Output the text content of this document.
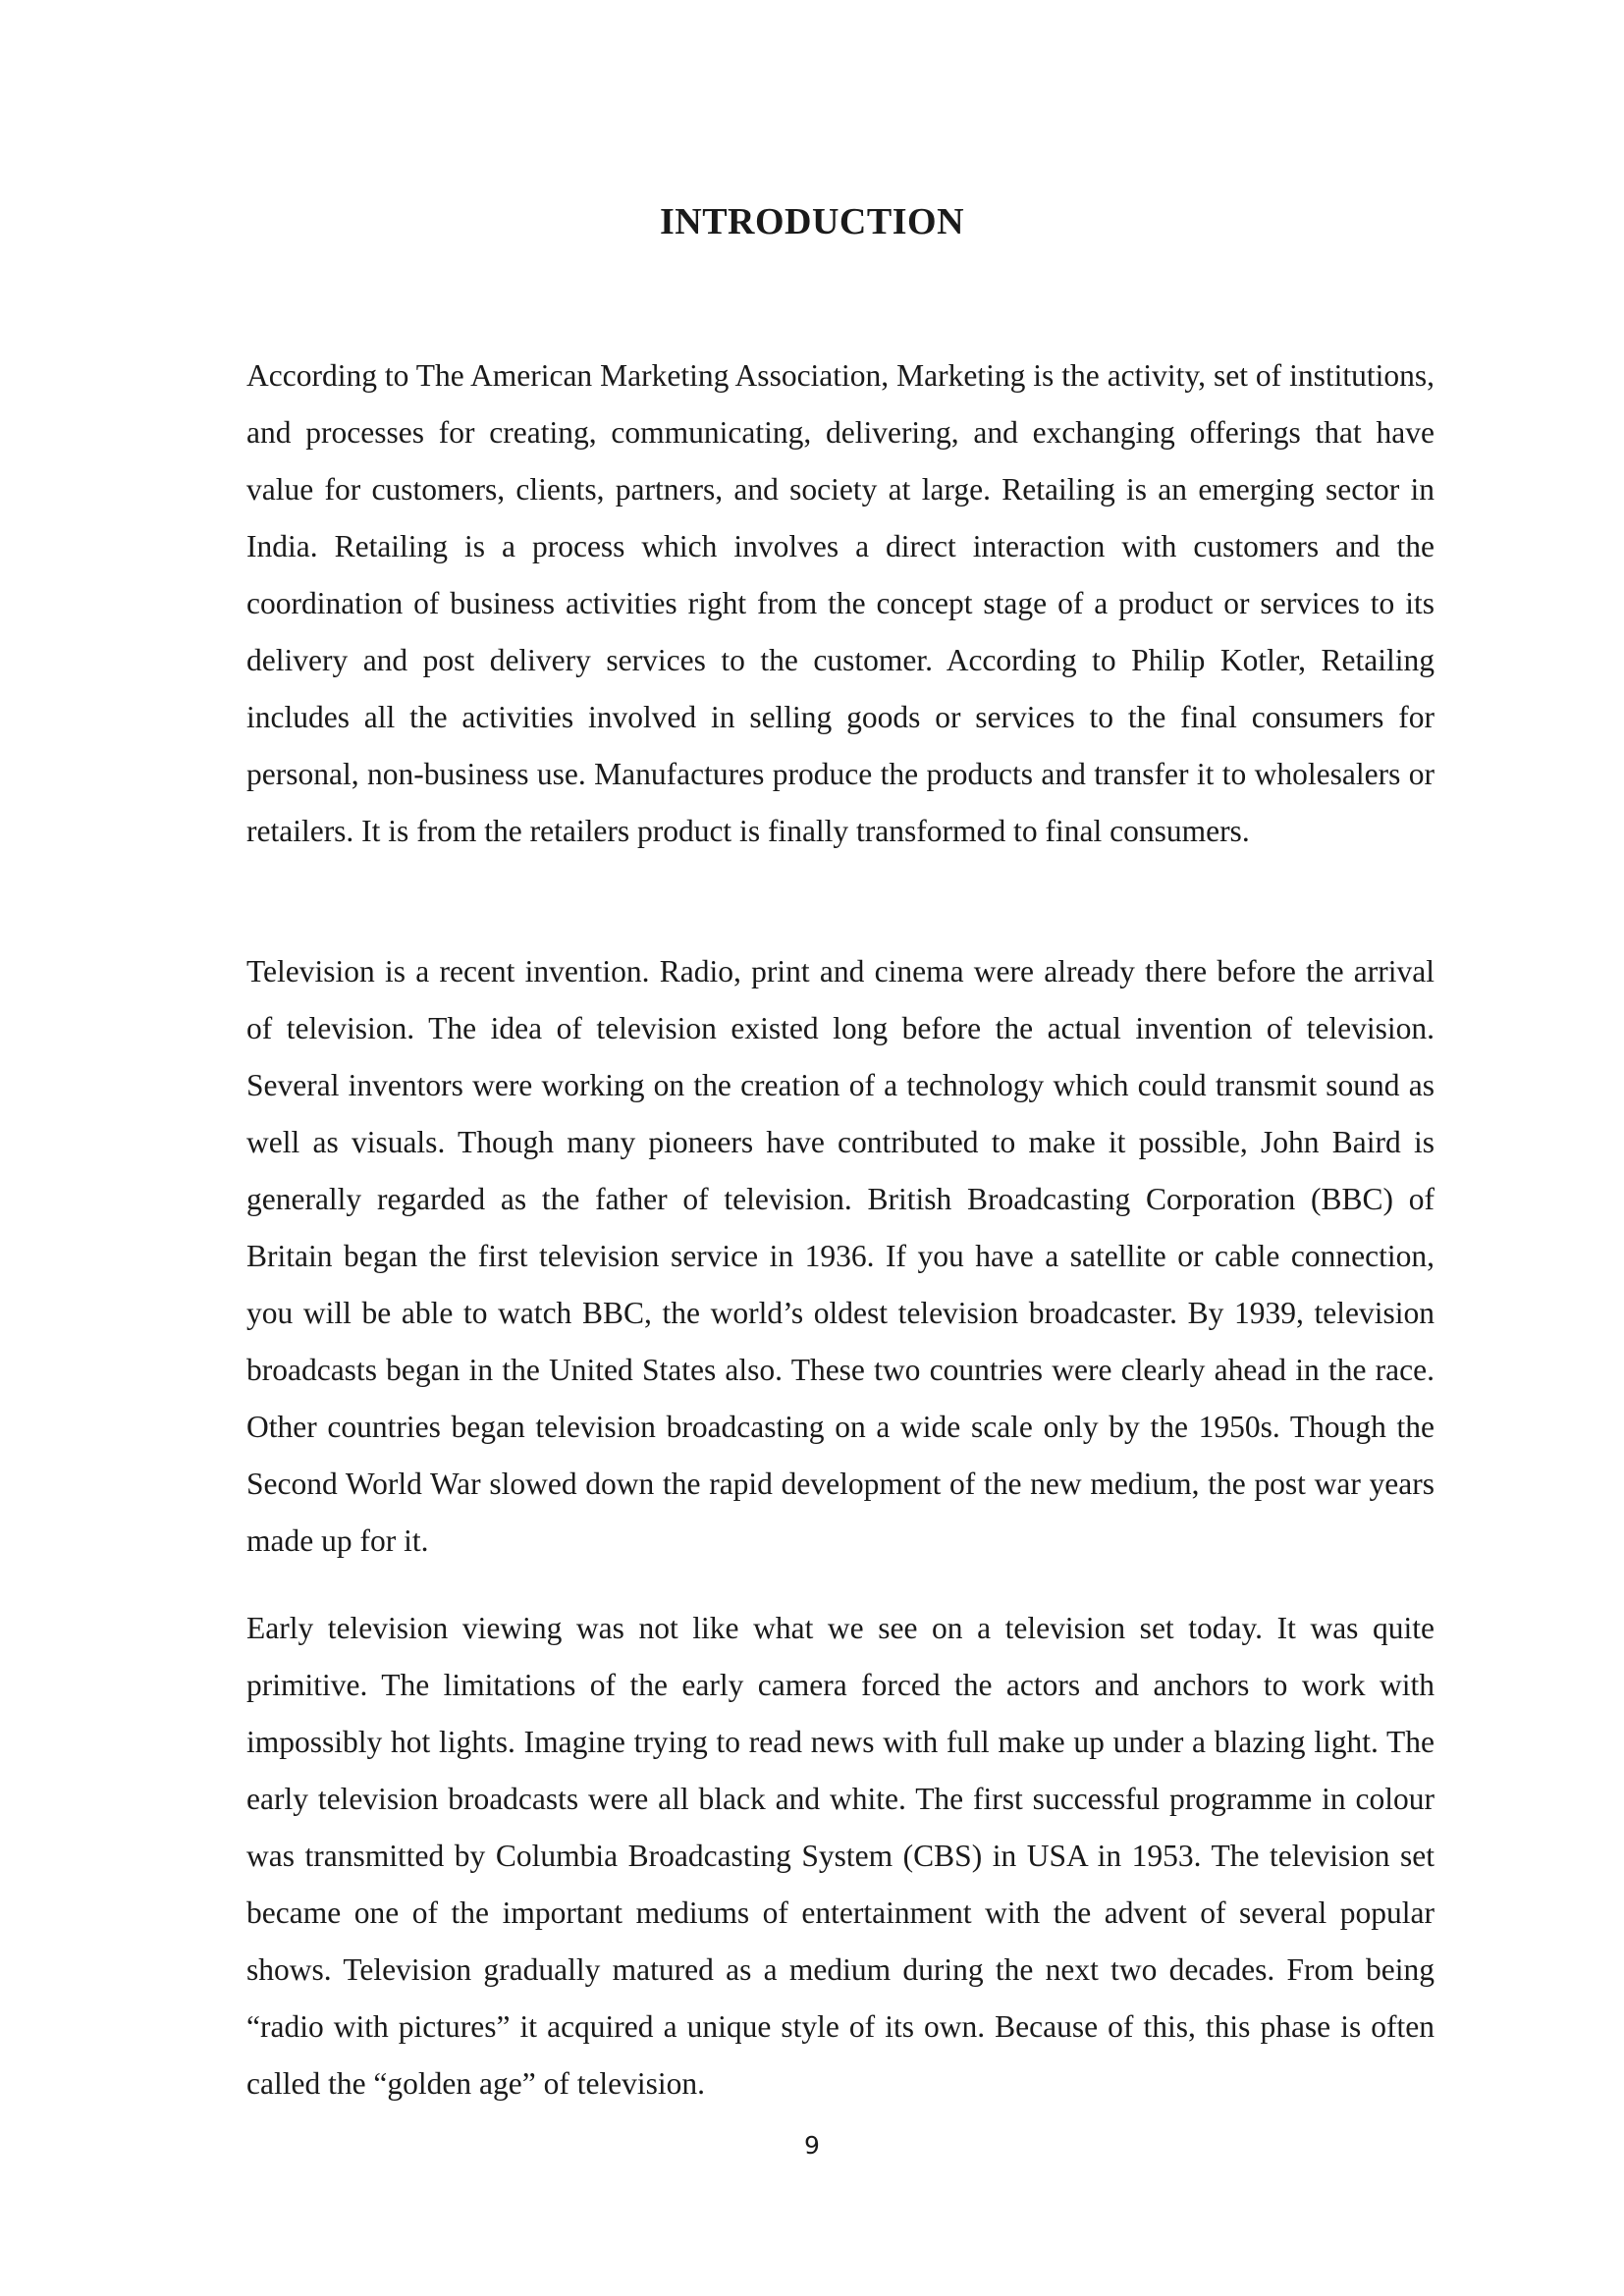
INTRODUCTION

According to The American Marketing Association, Marketing is the activity, set of institutions, and processes for creating, communicating, delivering, and exchanging offerings that have value for customers, clients, partners, and society at large. Retailing is an emerging sector in India. Retailing is a process which involves a direct interaction with customers and the coordination of business activities right from the concept stage of a product or services to its delivery and post delivery services to the customer. According to Philip Kotler, Retailing includes all the activities involved in selling goods or services to the final consumers for personal, non-business use. Manufactures produce the products and transfer it to wholesalers or retailers. It is from the retailers product is finally transformed to final consumers.

Television is a recent invention. Radio, print and cinema were already there before the arrival of television. The idea of television existed long before the actual invention of television. Several inventors were working on the creation of a technology which could transmit sound as well as visuals. Though many pioneers have contributed to make it possible, John Baird is generally regarded as the father of television. British Broadcasting Corporation (BBC) of Britain began the first television service in 1936. If you have a satellite or cable connection, you will be able to watch BBC, the world’s oldest television broadcaster. By 1939, television broadcasts began in the United States also. These two countries were clearly ahead in the race. Other countries began television broadcasting on a wide scale only by the 1950s. Though the Second World War slowed down the rapid development of the new medium, the post war years made up for it.

Early television viewing was not like what we see on a television set today. It was quite primitive. The limitations of the early camera forced the actors and anchors to work with impossibly hot lights. Imagine trying to read news with full make up under a blazing light. The early television broadcasts were all black and white. The first successful programme in colour was transmitted by Columbia Broadcasting System (CBS) in USA in 1953. The television set became one of the important mediums of entertainment with the advent of several popular shows. Television gradually matured as a medium during the next two decades. From being “radio with pictures” it acquired a unique style of its own. Because of this, this phase is often called the “golden age” of television.

9
